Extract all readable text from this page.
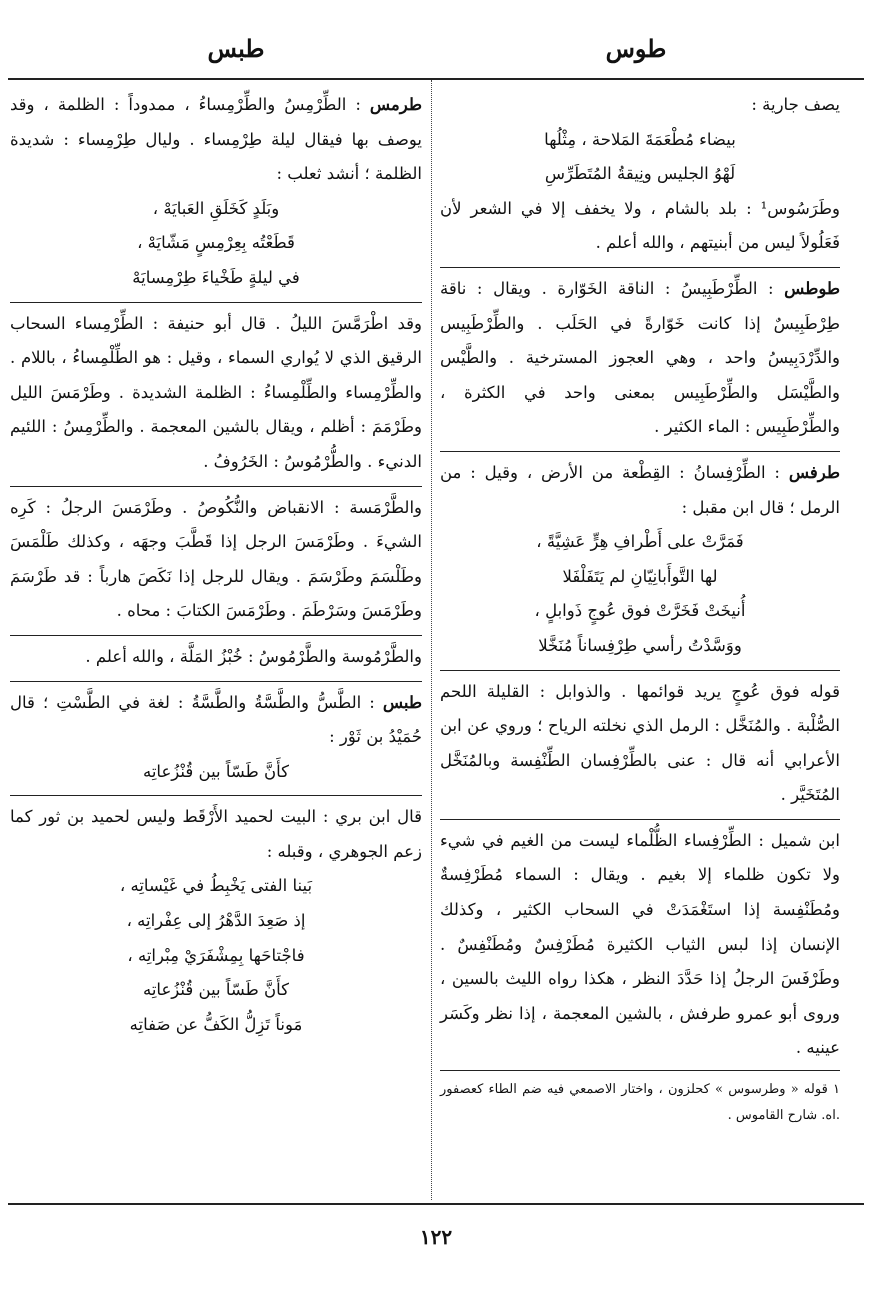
طوس
طبس

يصف جارية :

بيضاء مُطْعَمَةَ المَلاحة ، مِثْلُها

لَهْوُ الجليس ونِيقةُ المُتَطَرِّسِ

وطَرَسُوس¹ : بلد بالشام ، ولا يخفف إلا في الشعر لأن فَعَلُولاً ليس من أبنيتهم ، والله أعلم .

طوطس : الطِّرْطَبِيسُ : الناقة الخَوّارة . ويقال : ناقة طِرْطَبِيسٌ إذا كانت خَوّارةً في الحَلَب . والطِّرْطَبِيس والدِّرْدَبِيسُ واحد ، وهي العجوز المسترخية . والطَّيْس والطَّيْسَل والطِّرْطَبِيس بمعنى واحد في الكثرة ، والطِّرْطَبِيس : الماء الكثير .

طرفس : الطِّرْفِسانُ : القِطْعة من الأرض ، وقيل : من الرمل ؛ قال ابن مقبل :

فَمَرَّتْ على أَطْرافِ هِرٍّ عَشِيَّةً ،

لها التَّوأَبانِيّانِ لم يَتَفَلْفَلا

أُنيخَتْ فَخَرَّتْ فوق عُوجٍ ذَوابلٍ ،

ووَسَّدْتُ رأسي طِرْفِساناً مُنَخَّلا

قوله فوق عُوجٍ يريد قوائمها . والذوابل : القليلة اللحم الصُّلْبة . والمُنَخَّل : الرمل الذي نخلته الرياح ؛ وروي عن ابن الأعرابي أنه قال : عنى بالطِّرْفِسان الطِّنْفِسة وبالمُنَخَّل المُتَخَيَّر .

ابن شميل : الطِّرْفِساء الظُّلْماء ليست من الغيم في شيء ولا تكون ظلماء إلا بغيم . ويقال : السماء مُطَرْفِسةٌ ومُطَنْفِسة إذا استَغْمَدَتْ في السحاب الكثير ، وكذلك الإنسان إذا لبس الثياب الكثيرة مُطَرْفِسٌ ومُطَنْفِسٌ . وطَرْفَسَ الرجلُ إذا حَدَّدَ النظر ، هكذا رواه الليث بالسين ، وروى أبو عمرو طرفش ، بالشين المعجمة ، إذا نظر وكَسَر عينيه .

١ قوله « وطرسوس » كحلزون ، واختار الاصمعي فيه ضم الطاء كعصفور .اه. شارح القاموس .

طرمس : الطِّرْمِسُ والطِّرْمِساءُ ، ممدوداً : الظلمة ، وقد يوصف بها فيقال ليلة طِرْمِساء . وليال طِرْمِساء : شديدة الظلمة ؛ أنشد ثعلب :

وبَلَدٍ كَخَلَقِ العَبايَهْ ،

قَطَعْتُه بِعِرْمِسٍ مَشّايَهْ ،

في ليلةٍ طَخْياءَ طِرْمِسايَهْ

وقد اطْرَمَّسَ الليلُ . قال أبو حنيفة : الطِّرْمِساء السحاب الرقيق الذي لا يُواري السماء ، وقيل : هو الطِّلْمِساءُ ، باللام . والطِّرْمِساء والطِّلْمِساءُ : الظلمة الشديدة . وطَرْمَسَ الليل وطَرْمَمَ : أظلم ، ويقال بالشين المعجمة . والطِّرْمِسُ : اللئيم الدنيء . والطُّرْمُوسُ : الخَرُوفُ .

والطَّرْمَسة : الانقباض والنُّكُوصُ . وطَرْمَسَ الرجلُ : كَرِه الشيءَ . وطَرْمَسَ الرجل إذا قَطَّبَ وجهَه ، وكذلك طَلْمَسَ وطَلْسَمَ وطَرْسَمَ . ويقال للرجل إذا نَكَصَ هارباً : قد طَرْسَمَ وطَرْمَسَ وسَرْطَمَ . وطَرْمَسَ الكتابَ : محاه .

والطَّرْمُوسة والطَّرْمُوسُ : خُبْزُ المَلَّة ، والله أعلم .

طبس : الطَّسُّ والطَّسَّةُ والطَّسَّةُ : لغة في الطَّسْتِ ؛ قال حُمَيْدُ بن ثَوْر :

كأَنَّ طَسّاً بين قُنْزُعاتِه

قال ابن بري : البيت لحميد الأَرْقَط وليس لحميد بن ثور كما زعم الجوهري ، وقبله :

بَينا الفتى يَخْبِطُ في غَيْساتِه ،

إذ صَعِدَ الدَّهْرُ إلى عِفْراتِه ،

فاجْتاحَها بِمِشْفَرَيْ مِبْراتِه ،

كأَنَّ طَسّاً بين قُنْزُعاتِه

مَوناً تَزِلُّ الكَفُّ عن صَفاتِه

١٢٢
